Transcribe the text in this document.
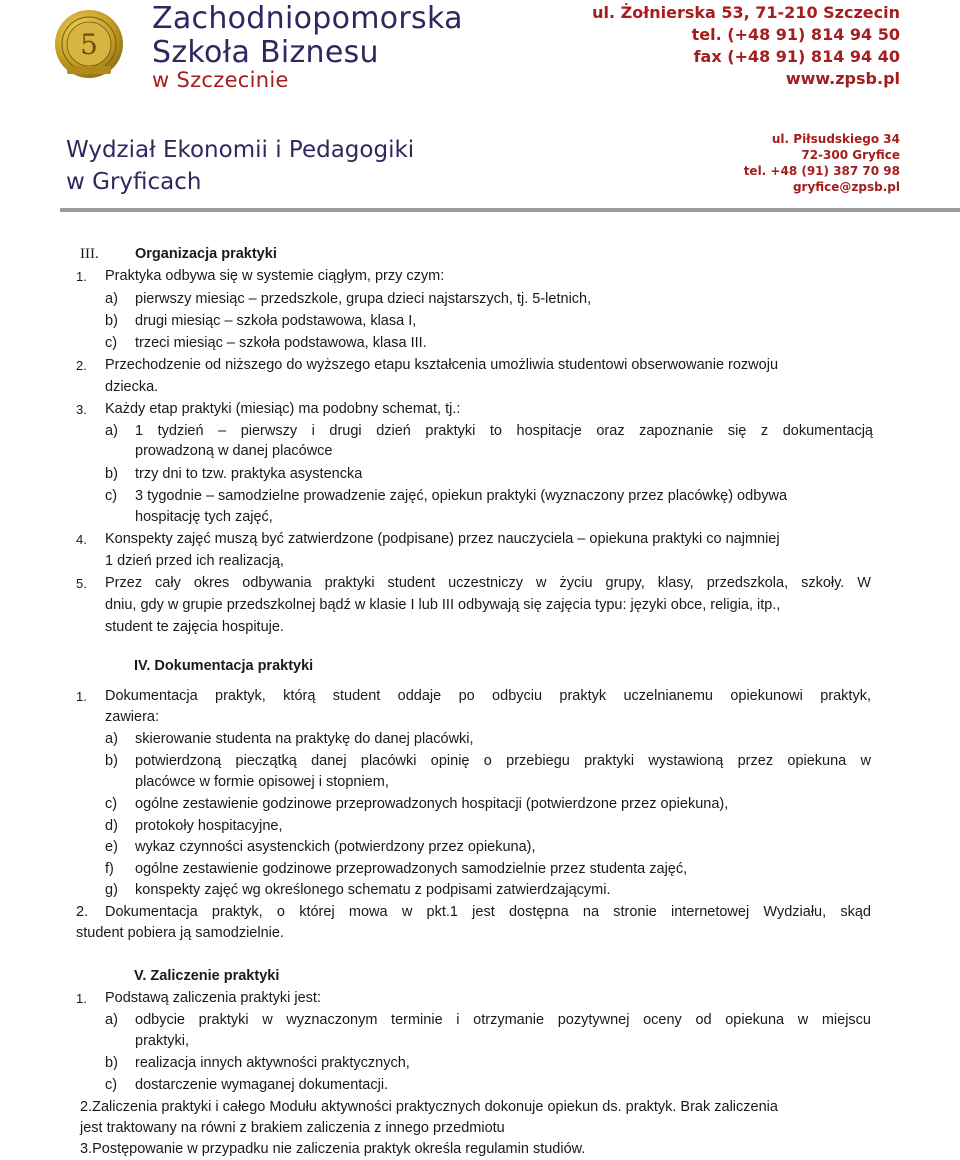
5
Zachodniopomorska
Szkoła Biznesu
w Szczecinie
ul. Żołnierska 53, 71-210 Szczecin
tel. (+48 91) 814 94 50
fax (+48 91) 814 94 40
www.zpsb.pl
Wydział Ekonomii i Pedagogiki
w Gryficach
ul. Piłsudskiego 34
72-300 Gryfice
tel. +48 (91) 387 70 98
gryfice@zpsb.pl
III.	Organizacja praktyki
1. Praktyka odbywa się w systemie ciągłym, przy czym:
a) pierwszy miesiąc – przedszkole, grupa dzieci najstarszych, tj. 5-letnich,
b) drugi miesiąc – szkoła podstawowa, klasa I,
c) trzeci miesiąc – szkoła podstawowa, klasa III.
2. Przechodzenie od niższego do wyższego etapu kształcenia umożliwia studentowi obserwowanie rozwoju
dziecka.
3. Każdy etap praktyki (miesiąc) ma podobny schemat, tj.:
a) 1 tydzień – pierwszy i drugi dzień praktyki to hospitacje oraz zapoznanie się z dokumentacją
prowadzoną w danej placówce
b) trzy dni to tzw. praktyka asystencka
c) 3 tygodnie – samodzielne prowadzenie zajęć, opiekun praktyki (wyznaczony przez placówkę) odbywa
hospitację tych zajęć,
4. Konspekty zajęć muszą być zatwierdzone (podpisane) przez nauczyciela – opiekuna praktyki co najmniej
1 dzień przed ich realizacją,
5. Przez cały okres odbywania praktyki student uczestniczy w życiu grupy, klasy, przedszkola, szkoły. W
dniu, gdy w grupie przedszkolnej bądź w klasie I lub III odbywają się zajęcia typu: języki obce, religia, itp.,
student te zajęcia hospituje.
IV. Dokumentacja praktyki
1. Dokumentacja praktyk, którą student oddaje po odbyciu praktyk uczelnianemu opiekunowi praktyk,
zawiera:
a) skierowanie studenta na praktykę do danej placówki,
b) potwierdzoną pieczątką danej placówki opinię o przebiegu praktyki wystawioną przez opiekuna w
placówce w formie opisowej i stopniem,
c) ogólne zestawienie godzinowe przeprowadzonych hospitacji (potwierdzone przez opiekuna),
d) protokoły hospitacyjne,
e) wykaz czynności asystenckich (potwierdzony przez opiekuna),
f) ogólne zestawienie godzinowe przeprowadzonych samodzielnie przez studenta zajęć,
g) konspekty zajęć wg określonego schematu z podpisami zatwierdzającymi.
2. Dokumentacja praktyk, o której mowa w pkt.1 jest dostępna na stronie internetowej Wydziału, skąd
student pobiera ją samodzielnie.
V. Zaliczenie praktyki
1. Podstawą zaliczenia praktyki jest:
a) odbycie praktyki w wyznaczonym terminie i otrzymanie pozytywnej oceny od opiekuna w miejscu
praktyki,
b) realizacja innych aktywności praktycznych,
c) dostarczenie wymaganej dokumentacji.
2.Zaliczenia praktyki i całego Modułu aktywności praktycznych dokonuje opiekun ds. praktyk. Brak zaliczenia
jest traktowany na równi z brakiem zaliczenia z innego przedmiotu
3.Postępowanie w przypadku nie zaliczenia praktyk określa regulamin studiów.
